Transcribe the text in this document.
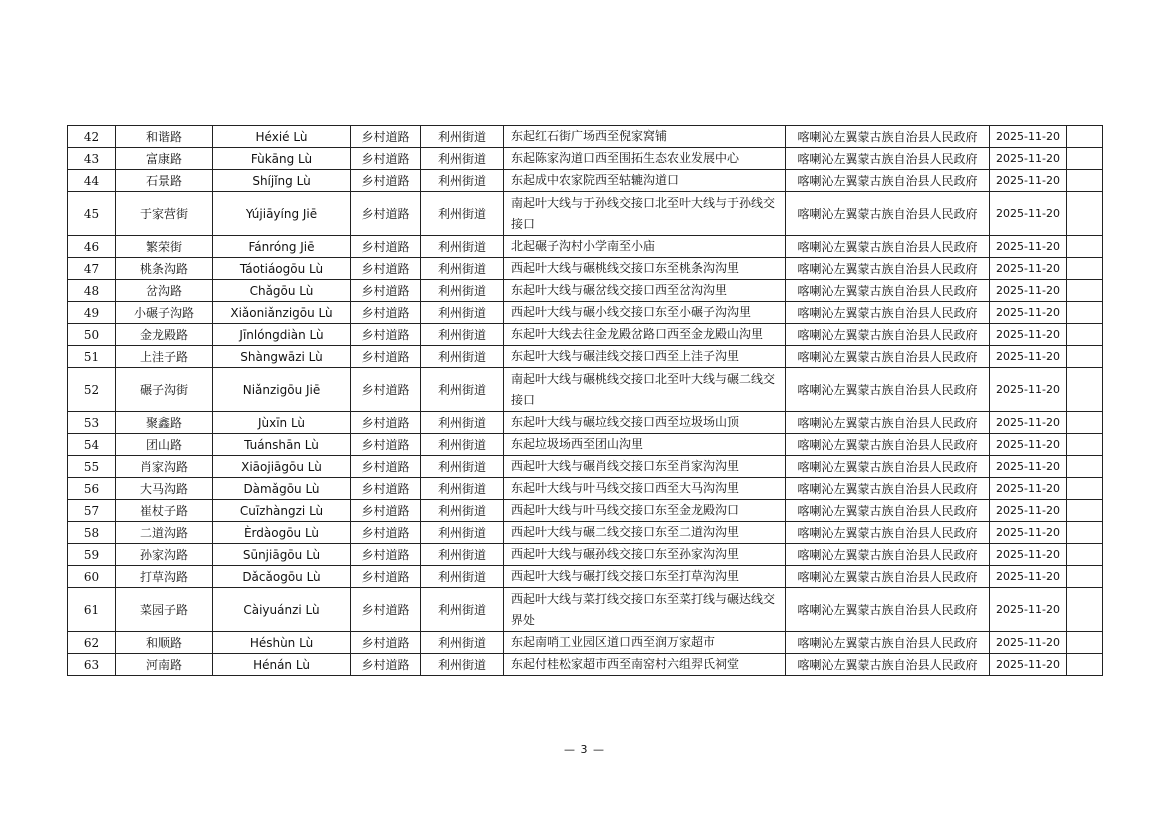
42	和谐路	Héxié Lù	乡村道路	利州街道	东起红石街广场西至倪家窝铺	喀喇沁左翼蒙古族自治县人民政府	2025-11-20	
43	富康路	Fùkāng Lù	乡村道路	利州街道	东起陈家沟道口西至围拓生态农业发展中心	喀喇沁左翼蒙古族自治县人民政府	2025-11-20	
44	石景路	Shíjǐng Lù	乡村道路	利州街道	东起成中农家院西至轱辘沟道口	喀喇沁左翼蒙古族自治县人民政府	2025-11-20	
45	于家营街	Yújiāyíng Jiē	乡村道路	利州街道	南起叶大线与于孙线交接口北至叶大线与于孙线交接口	喀喇沁左翼蒙古族自治县人民政府	2025-11-20	
46	繁荣街	Fánróng Jiē	乡村道路	利州街道	北起碾子沟村小学南至小庙	喀喇沁左翼蒙古族自治县人民政府	2025-11-20	
47	桃条沟路	Táotiáogōu Lù	乡村道路	利州街道	西起叶大线与碾桃线交接口东至桃条沟沟里	喀喇沁左翼蒙古族自治县人民政府	2025-11-20	
48	岔沟路	Chǎgōu Lù	乡村道路	利州街道	东起叶大线与碾岔线交接口西至岔沟沟里	喀喇沁左翼蒙古族自治县人民政府	2025-11-20	
49	小碾子沟路	Xiǎoniǎnzigōu Lù	乡村道路	利州街道	西起叶大线与碾小线交接口东至小碾子沟沟里	喀喇沁左翼蒙古族自治县人民政府	2025-11-20	
50	金龙殿路	Jīnlóngdiàn Lù	乡村道路	利州街道	东起叶大线去往金龙殿岔路口西至金龙殿山沟里	喀喇沁左翼蒙古族自治县人民政府	2025-11-20	
51	上洼子路	Shàngwāzi Lù	乡村道路	利州街道	东起叶大线与碾洼线交接口西至上洼子沟里	喀喇沁左翼蒙古族自治县人民政府	2025-11-20	
52	碾子沟街	Niǎnzigōu Jiē	乡村道路	利州街道	南起叶大线与碾桃线交接口北至叶大线与碾二线交接口	喀喇沁左翼蒙古族自治县人民政府	2025-11-20	
53	聚鑫路	Jùxīn Lù	乡村道路	利州街道	东起叶大线与碾垃线交接口西至垃圾场山顶	喀喇沁左翼蒙古族自治县人民政府	2025-11-20	
54	团山路	Tuánshān Lù	乡村道路	利州街道	东起垃圾场西至团山沟里	喀喇沁左翼蒙古族自治县人民政府	2025-11-20	
55	肖家沟路	Xiāojiāgōu Lù	乡村道路	利州街道	西起叶大线与碾肖线交接口东至肖家沟沟里	喀喇沁左翼蒙古族自治县人民政府	2025-11-20	
56	大马沟路	Dàmǎgōu Lù	乡村道路	利州街道	东起叶大线与叶马线交接口西至大马沟沟里	喀喇沁左翼蒙古族自治县人民政府	2025-11-20	
57	崔杖子路	Cuīzhàngzi Lù	乡村道路	利州街道	西起叶大线与叶马线交接口东至金龙殿沟口	喀喇沁左翼蒙古族自治县人民政府	2025-11-20	
58	二道沟路	Èrdàogōu Lù	乡村道路	利州街道	西起叶大线与碾二线交接口东至二道沟沟里	喀喇沁左翼蒙古族自治县人民政府	2025-11-20	
59	孙家沟路	Sūnjiāgōu Lù	乡村道路	利州街道	西起叶大线与碾孙线交接口东至孙家沟沟里	喀喇沁左翼蒙古族自治县人民政府	2025-11-20	
60	打草沟路	Dǎcǎogōu Lù	乡村道路	利州街道	西起叶大线与碾打线交接口东至打草沟沟里	喀喇沁左翼蒙古族自治县人民政府	2025-11-20	
61	菜园子路	Càiyuánzi Lù	乡村道路	利州街道	西起叶大线与菜打线交接口东至菜打线与碾达线交界处	喀喇沁左翼蒙古族自治县人民政府	2025-11-20	
62	和顺路	Héshùn Lù	乡村道路	利州街道	东起南哨工业园区道口西至润万家超市	喀喇沁左翼蒙古族自治县人民政府	2025-11-20	
63	河南路	Hénán Lù	乡村道路	利州街道	东起付桂松家超市西至南窑村六组羿氏祠堂	喀喇沁左翼蒙古族自治县人民政府	2025-11-20	
— 3 —
